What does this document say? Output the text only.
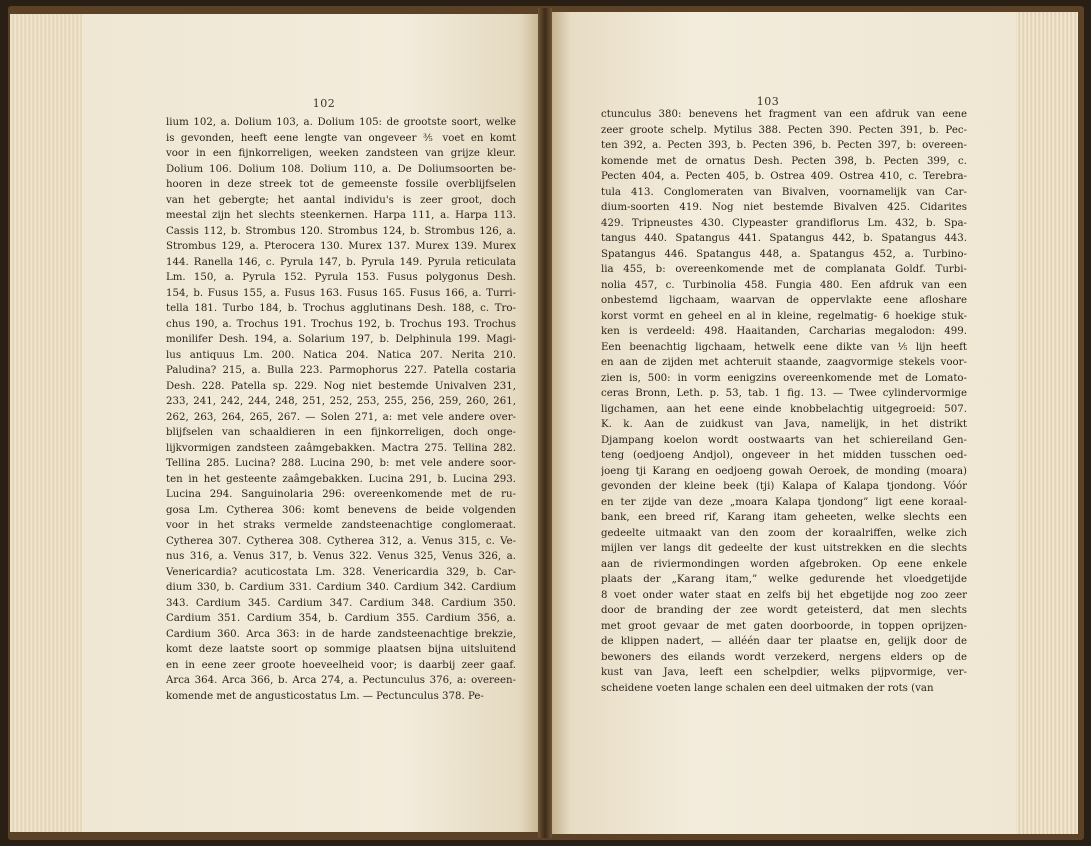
102
lium 102, a. Dolium 103, a. Dolium 105: de grootste soort, welke
is gevonden, heeft eene lengte van ongeveer ⅗ voet en komt
voor in een fijnkorreligen, weeken zandsteen van grijze kleur.
Dolium 106. Dolium 108. Dolium 110, a. De Doliumsoorten be-
hooren in deze streek tot de gemeenste fossile overblijfselen
van het gebergte; het aantal individu's is zeer groot, doch
meestal zijn het slechts steenkernen. Harpa 111, a. Harpa 113.
Cassis 112, b. Strombus 120. Strombus 124, b. Strombus 126, a.
Strombus 129, a. Pterocera 130. Murex 137. Murex 139. Murex
144. Ranella 146, c. Pyrula 147, b. Pyrula 149. Pyrula reticulata
Lm. 150, a. Pyrula 152. Pyrula 153. Fusus polygonus Desh.
154, b. Fusus 155, a. Fusus 163. Fusus 165. Fusus 166, a. Turri-
tella 181. Turbo 184, b. Trochus agglutinans Desh. 188, c. Tro-
chus 190, a. Trochus 191. Trochus 192, b. Trochus 193. Trochus
monilifer Desh. 194, a. Solarium 197, b. Delphinula 199. Magi-
lus antiquus Lm. 200. Natica 204. Natica 207. Nerita 210.
Paludina? 215, a. Bulla 223. Parmophorus 227. Patella costaria
Desh. 228. Patella sp. 229. Nog niet bestemde Univalven 231,
233, 241, 242, 244, 248, 251, 252, 253, 255, 256, 259, 260, 261,
262, 263, 264, 265, 267. — Solen 271, a: met vele andere over-
blijfselen van schaaldieren in een fijnkorreligen, doch onge-
lijkvormigen zandsteen zaâmgebakken. Mactra 275. Tellina 282.
Tellina 285. Lucina? 288. Lucina 290, b: met vele andere soor-
ten in het gesteente zaâmgebakken. Lucina 291, b. Lucina 293.
Lucina 294. Sanguinolaria 296: overeenkomende met de ru-
gosa Lm. Cytherea 306: komt benevens de beide volgenden
voor in het straks vermelde zandsteenachtige conglomeraat.
Cytherea 307. Cytherea 308. Cytherea 312, a. Venus 315, c. Ve-
nus 316, a. Venus 317, b. Venus 322. Venus 325, Venus 326, a.
Venericardia? acuticostata Lm. 328. Venericardia 329, b. Car-
dium 330, b. Cardium 331. Cardium 340. Cardium 342. Cardium
343. Cardium 345. Cardium 347. Cardium 348. Cardium 350.
Cardium 351. Cardium 354, b. Cardium 355. Cardium 356, a.
Cardium 360. Arca 363: in de harde zandsteenachtige brekzie,
komt deze laatste soort op sommige plaatsen bijna uitsluitend
en in eene zeer groote hoeveelheid voor; is daarbij zeer gaaf.
Arca 364. Arca 366, b. Arca 274, a. Pectunculus 376, a: overeen-
komende met de angusticostatus Lm. — Pectunculus 378. Pe-
103
ctunculus 380: benevens het fragment van een afdruk van eene
zeer groote schelp. Mytilus 388. Pecten 390. Pecten 391, b. Pec-
ten 392, a. Pecten 393, b. Pecten 396, b. Pecten 397, b: overeen-
komende met de ornatus Desh. Pecten 398, b. Pecten 399, c.
Pecten 404, a. Pecten 405, b. Ostrea 409. Ostrea 410, c. Terebra-
tula 413. Conglomeraten van Bivalven, voornamelijk van Car-
dium-soorten 419. Nog niet bestemde Bivalven 425. Cidarites
429. Tripneustes 430. Clypeaster grandiflorus Lm. 432, b. Spa-
tangus 440. Spatangus 441. Spatangus 442, b. Spatangus 443.
Spatangus 446. Spatangus 448, a. Spatangus 452, a. Turbino-
lia 455, b: overeenkomende met de complanata Goldf. Turbi-
nolia 457, c. Turbinolia 458. Fungia 480. Een afdruk van een
onbestemd ligchaam, waarvan de oppervlakte eene afloshare
korst vormt en geheel en al in kleine, regelmatig- 6 hoekige stuk-
ken is verdeeld: 498. Haaitanden, Carcharias megalodon: 499.
Een beenachtig ligchaam, hetwelk eene dikte van ⅕ lijn heeft
en aan de zijden met achteruit staande, zaagvormige stekels voor-
zien is, 500: in vorm eenigzins overeenkomende met de Lomato-
ceras Bronn, Leth. p. 53, tab. 1 fig. 13. — Twee cylindervormige
ligchamen, aan het eene einde knobbelachtig uitgegroeid: 507.
K. k. Aan de zuidkust van Java, namelijk, in het distrikt
Djampang koelon wordt oostwaarts van het schiereiland Gen-
teng (oedjoeng Andjol), ongeveer in het midden tusschen oed-
joeng tji Karang en oedjoeng gowah Oeroek, de monding (moara)
gevonden der kleine beek (tji) Kalapa of Kalapa tjondong. Vóór
en ter zijde van deze „moara Kalapa tjondong” ligt eene koraal-
bank, een breed rif, Karang itam geheeten, welke slechts een
gedeelte uitmaakt van den zoom der koraalriffen, welke zich
mijlen ver langs dit gedeelte der kust uitstrekken en die slechts
aan de riviermondingen worden afgebroken. Op eene enkele
plaats der „Karang itam,” welke gedurende het vloedgetijde
8 voet onder water staat en zelfs bij het ebgetijde nog zoo zeer
door de branding der zee wordt geteisterd, dat men slechts
met groot gevaar de met gaten doorboorde, in toppen oprijzen-
de klippen nadert, — alléén daar ter plaatse en, gelijk door de
bewoners des eilands wordt verzekerd, nergens elders op de
kust van Java, leeft een schelpdier, welks pijpvormige, ver-
scheidene voeten lange schalen een deel uitmaken der rots (van
